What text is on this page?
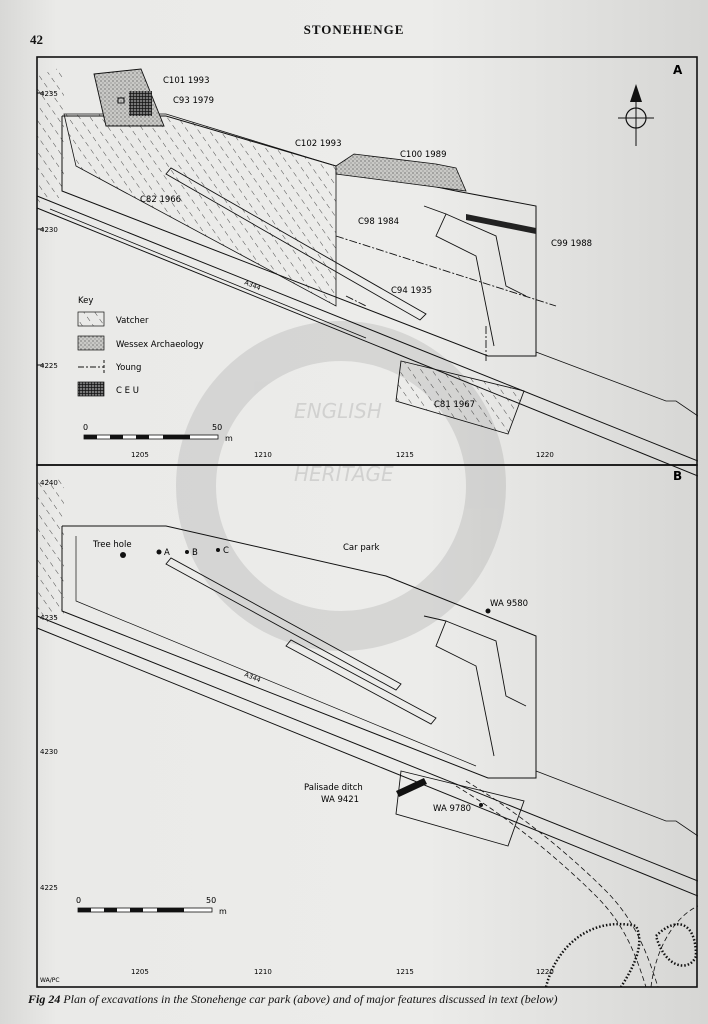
42
STONEHENGE
ENGLISH
HERITAGE
A
4230
4225
1205	1210	1215	1220
C101 1993
C93 1979
C102 1993
C100 1989
C82 1966
C98 1984
C99 1988
C94 1935
C81 1967
A344
Key
Vatcher
Wessex Archaeology
Young
C E U
0	50
m
B
4230
4225
1205	1210	1215	1220
Tree hole
A	B	C	Car park
WA 9580
Palisade ditch
WA 9421
WA 9780
A344
WA/PC
0	50
m
Fig 24 Plan of excavations in the Stonehenge car park (above) and of major features discussed in text (below)
